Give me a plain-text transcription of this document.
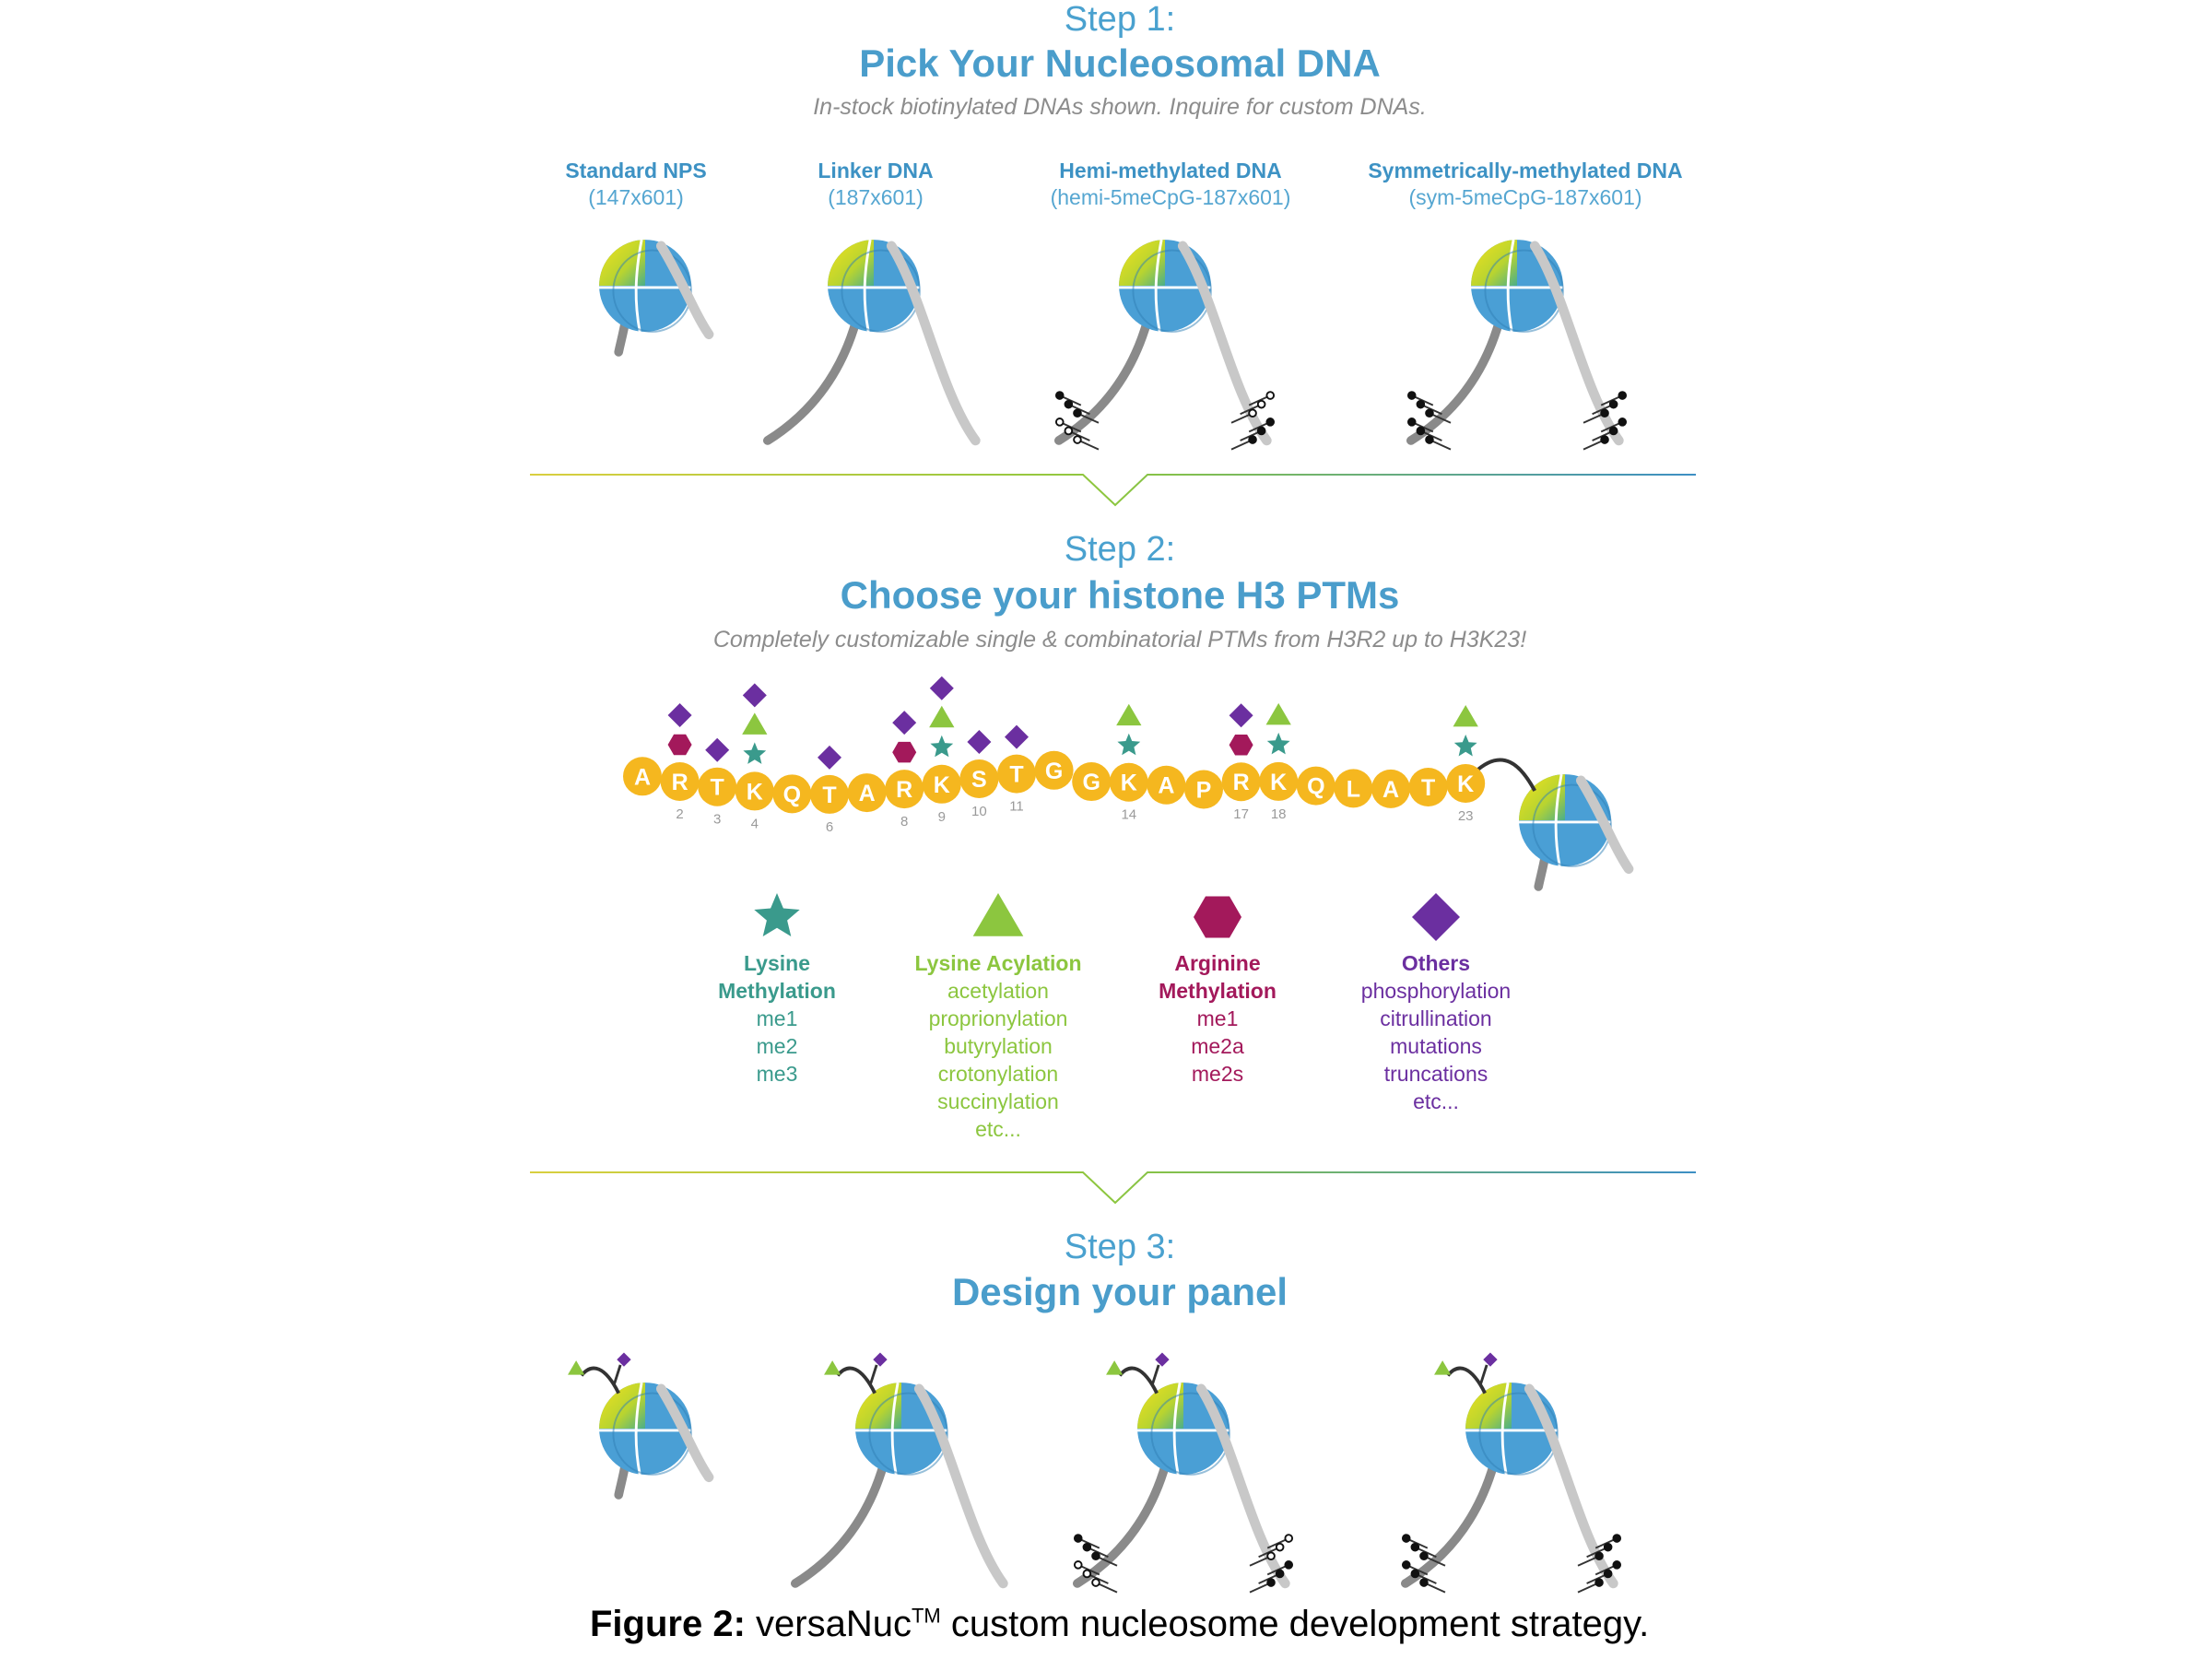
Step 1:
Pick Your Nucleosomal DNA
In-stock biotinylated DNAs shown. Inquire for custom DNAs.
Standard NPS
(147x601)
Linker DNA
(187x601)
Hemi-methylated DNA
(hemi-5meCpG-187x601)
Symmetrically-methylated DNA
(sym-5meCpG-187x601)
Step 2:
Choose your histone H3 PTMs
Completely customizable single & combinatorial PTMs from H3R2 up to H3K23!
Lysine
Methylation
me1
me2
me3
Lysine Acylation
acetylation
proprionylation
butyrylation
crotonylation
succinylation
etc...
Arginine
Methylation
me1
me2a
me2s
Others
phosphorylation
citrullination
mutations
truncations
etc...
Step 3:
Design your panel
Figure 2: versaNuc™ custom nucleosome development strategy.
A R
2
T
3
K
4
Q T
6
A R
8
K
9
S
10
T
11
G G K
14
A P R
17
K
18
Q L A T K
23
